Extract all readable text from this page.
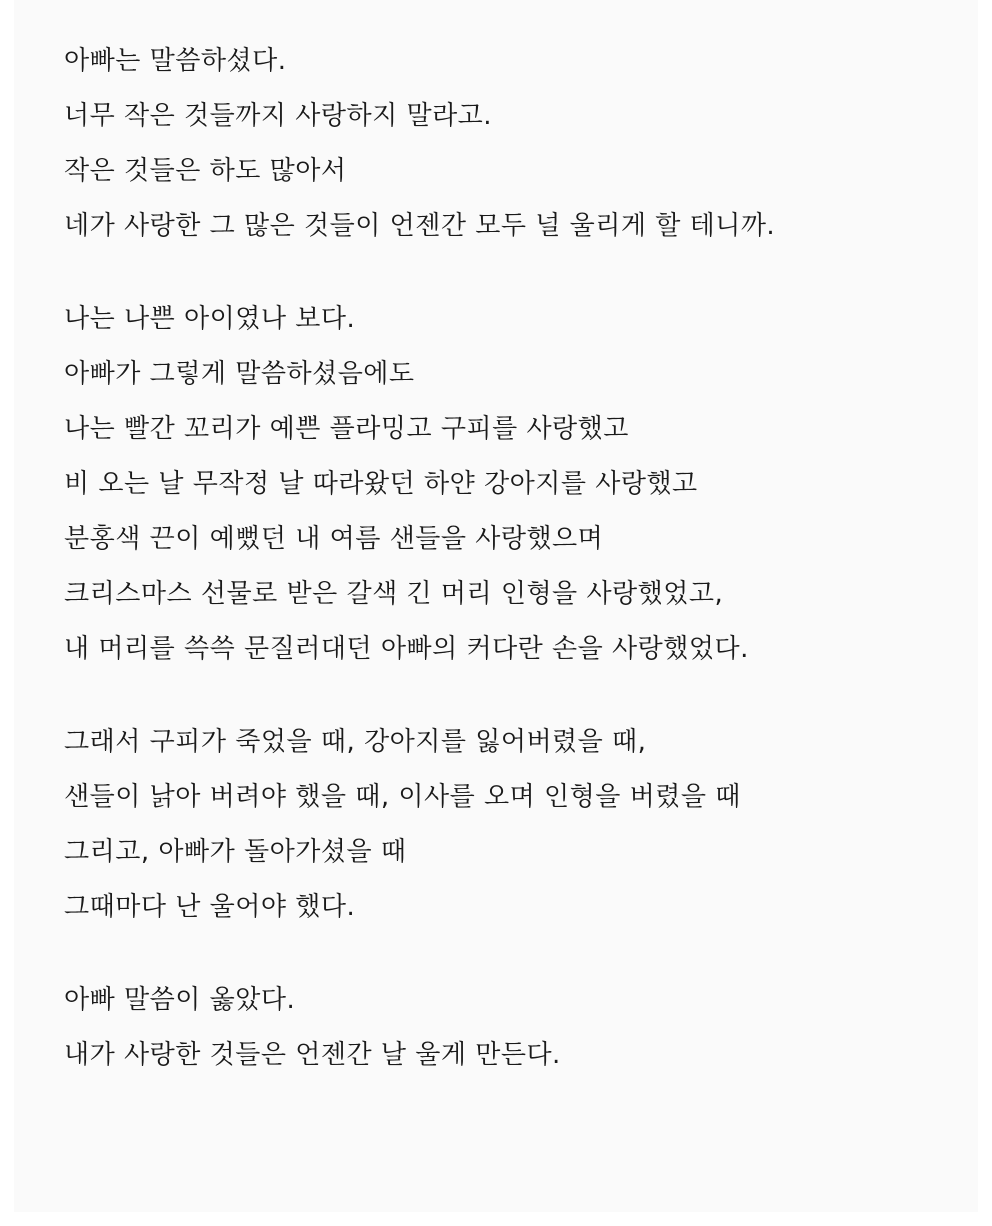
아빠는 말씀하셨다.
너무 작은 것들까지 사랑하지 말라고.
작은 것들은 하도 많아서
네가 사랑한 그 많은 것들이 언젠간 모두 널 울리게 할 테니까.
나는 나쁜 아이였나 보다.
아빠가 그렇게 말씀하셨음에도
나는 빨간 꼬리가 예쁜 플라밍고 구피를 사랑했고
비 오는 날 무작정 날 따라왔던 하얀 강아지를 사랑했고
분홍색 끈이 예뻤던 내 여름 샌들을 사랑했으며
크리스마스 선물로 받은 갈색 긴 머리 인형을 사랑했었고,
내 머리를 쓱쓱 문질러대던 아빠의 커다란 손을 사랑했었다.
그래서 구피가 죽었을 때, 강아지를 잃어버렸을 때,
샌들이 낡아 버려야 했을 때, 이사를 오며 인형을 버렸을 때
그리고, 아빠가 돌아가셨을 때
그때마다 난 울어야 했다.
아빠 말씀이 옳았다.
내가 사랑한 것들은 언젠간 날 울게 만든다.
